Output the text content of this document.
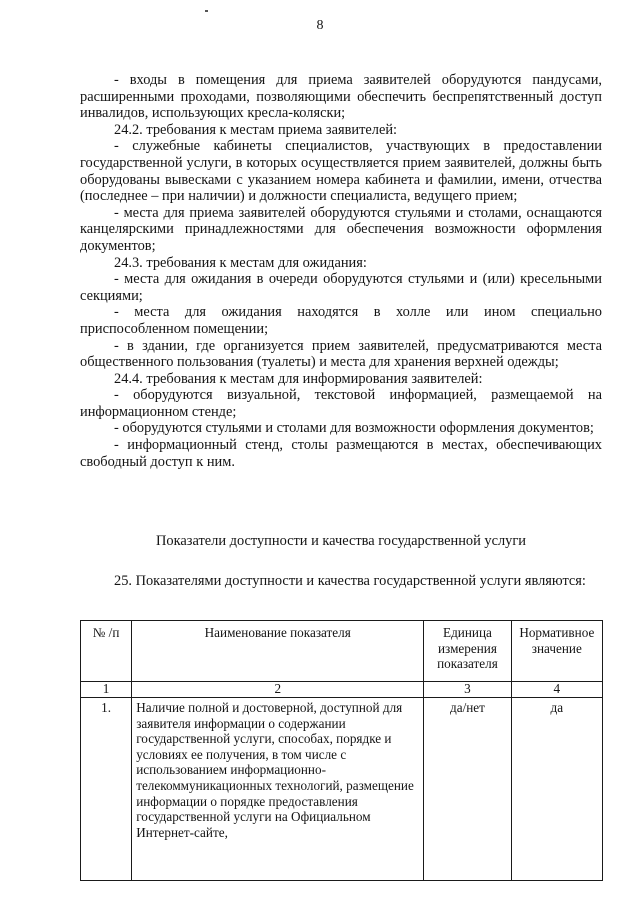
8

- входы в помещения для приема заявителей оборудуются пандусами, расширенными проходами, позволяющими обеспечить беспрепятственный доступ инвалидов, использующих кресла-коляски;

24.2. требования к местам приема заявителей:

- служебные кабинеты специалистов, участвующих в предоставлении государственной услуги, в которых осуществляется прием заявителей, должны быть оборудованы вывесками с указанием номера кабинета и фамилии, имени, отчества (последнее – при наличии) и должности специалиста, ведущего прием;

- места для приема заявителей оборудуются стульями и столами, оснащаются канцелярскими принадлежностями для обеспечения возможности оформления документов;

24.3. требования к местам для ожидания:

- места для ожидания в очереди оборудуются стульями и (или) кресельными секциями;

- места для ожидания находятся в холле или ином специально приспособленном помещении;

- в здании, где организуется прием заявителей, предусматриваются места общественного пользования (туалеты) и места для хранения верхней одежды;

24.4. требования к местам для информирования заявителей:

- оборудуются визуальной, текстовой информацией, размещаемой на информационном стенде;

- оборудуются стульями и столами для возможности оформления документов;

- информационный стенд, столы размещаются в местах, обеспечивающих свободный доступ к ним.

Показатели доступности и качества государственной услуги

25. Показателями доступности и качества государственной услуги являются:

№ /п	Наименование показателя	Единица измерения показателя	Нормативное значение
1	2	3	4
1.	Наличие полной и достоверной, доступной для заявителя информации о содержании государственной услуги, способах, порядке и условиях ее получения, в том числе с использованием информационно-телекоммуникационных технологий, размещение информации о порядке предоставления государственной услуги на Официальном Интернет-сайте,	да/нет	да
